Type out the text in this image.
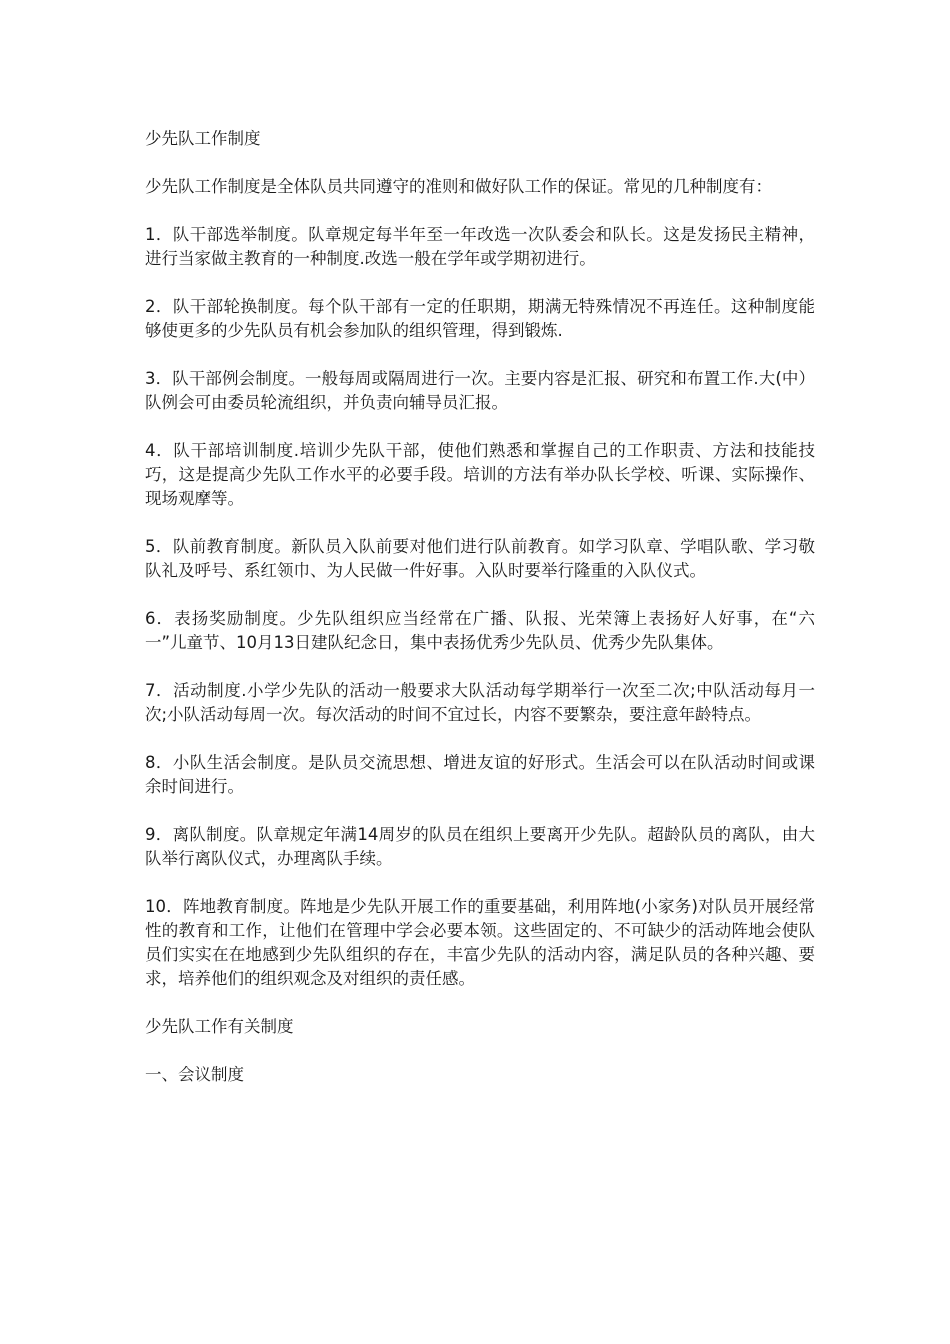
少先队工作制度

少先队工作制度是全体队员共同遵守的准则和做好队工作的保证。常见的几种制度有：

1．队干部选举制度。队章规定每半年至一年改选一次队委会和队长。这是发扬民主精神，进行当家做主教育的一种制度.改选一般在学年或学期初进行。

2．队干部轮换制度。每个队干部有一定的任职期，期满无特殊情况不再连任。这种制度能够使更多的少先队员有机会参加队的组织管理，得到锻炼.

3．队干部例会制度。一般每周或隔周进行一次。主要内容是汇报、研究和布置工作.大(中）队例会可由委员轮流组织，并负责向辅导员汇报。

4．队干部培训制度.培训少先队干部，使他们熟悉和掌握自己的工作职责、方法和技能技巧，这是提高少先队工作水平的必要手段。培训的方法有举办队长学校、听课、实际操作、现场观摩等。

5．队前教育制度。新队员入队前要对他们进行队前教育。如学习队章、学唱队歌、学习敬队礼及呼号、系红领巾、为人民做一件好事。入队时要举行隆重的入队仪式。

6．表扬奖励制度。少先队组织应当经常在广播、队报、光荣簿上表扬好人好事，在“六一”儿童节、10月13日建队纪念日，集中表扬优秀少先队员、优秀少先队集体。

7．活动制度.小学少先队的活动一般要求大队活动每学期举行一次至二次;中队活动每月一次;小队活动每周一次。每次活动的时间不宜过长，内容不要繁杂，要注意年龄特点。

8．小队生活会制度。是队员交流思想、增进友谊的好形式。生活会可以在队活动时间或课余时间进行。

9．离队制度。队章规定年满14周岁的队员在组织上要离开少先队。超龄队员的离队，由大队举行离队仪式，办理离队手续。

10．阵地教育制度。阵地是少先队开展工作的重要基础，利用阵地(小家务)对队员开展经常性的教育和工作，让他们在管理中学会必要本领。这些固定的、不可缺少的活动阵地会使队员们实实在在地感到少先队组织的存在，丰富少先队的活动内容，满足队员的各种兴趣、要求，培养他们的组织观念及对组织的责任感。

少先队工作有关制度

一、会议制度
